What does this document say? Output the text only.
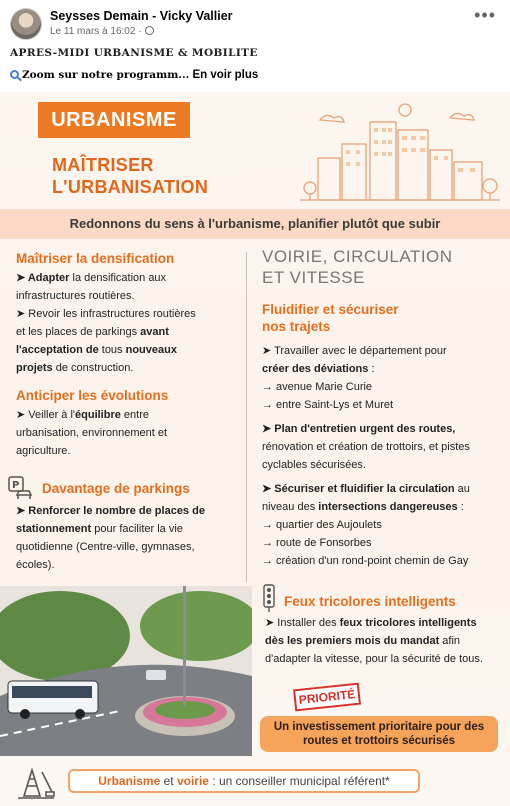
Seysses Demain - Vicky Vallier
Le 11 mars à 16:02 ·
•••
APRES-MIDI URBANISME & MOBILITE
Zoom sur notre programm... En voir plus
URBANISME
MAÎTRISER
L'URBANISATION
Redonnons du sens à l'urbanisme, planifier plutôt que subir
Maîtriser la densification
➤ Adapter la densification aux
infrastructures routières.
➤ Revoir les infrastructures routières
et les places de parkings avant
l'acceptation de tous nouveaux
projets de construction.
Anticiper les évolutions
➤ Veiller à l'équilibre entre
urbanisation, environnement et
agriculture.
P Davantage de parkings
➤ Renforcer le nombre de places de
stationnement pour faciliter la vie
quotidienne (Centre-ville, gymnases,
écoles).
VOIRIE, CIRCULATION
ET VITESSE
Fluidifier et sécuriser
nos trajets
➤ Travailler avec le département pour
créer des déviations :
→ avenue Marie Curie
→ entre Saint-Lys et Muret
➤ Plan d'entretien urgent des routes,
rénovation et création de trottoirs, et pistes
cyclables sécurisées.
➤ Sécuriser et fluidifier la circulation au
niveau des intersections dangereuses :
→ quartier des Aujoulets
→ route de Fonsorbes
→ création d'un rond-point chemin de Gay
Feux tricolores intelligents
➤ Installer des feux tricolores intelligents
dès les premiers mois du mandat afin
d'adapter la vitesse, pour la sécurité de tous.
PRIORITÉ
Un investissement prioritaire pour des
routes et trottoirs sécurisés
Urbanisme et voirie : un conseiller municipal référent*
